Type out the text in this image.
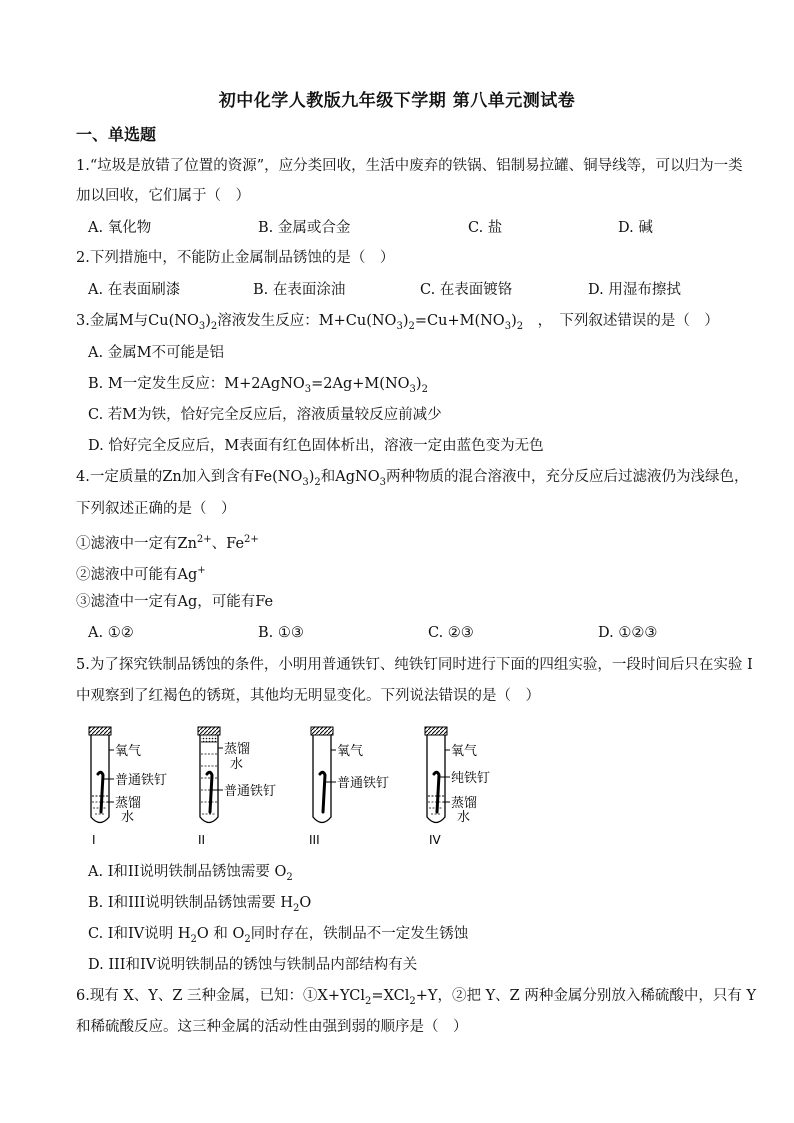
初中化学人教版九年级下学期 第八单元测试卷
一、单选题
1.“垃圾是放错了位置的资源”，应分类回收，生活中废弃的铁锅、铝制易拉罐、铜导线等，可以归为一类
加以回收，它们属于（　）
A. 氧化物	B. 金属或合金	C. 盐	D. 碱
2.下列措施中，不能防止金属制品锈蚀的是（　）
A. 在表面刷漆	B. 在表面涂油	C. 在表面镀铬	D. 用湿布擦拭
3.金属M与$Cu(NO_3)_2$溶液发生反应：$M+Cu(NO_3)_2=Cu+M(NO_3)_2$　，　下列叙述错误的是（　）
A. 金属M不可能是铝
B. M一定发生反应：$M+2AgNO_3=2Ag+M(NO_3)_2$
C. 若M为铁，恰好完全反应后，溶液质量较反应前减少
D. 恰好完全反应后，M表面有红色固体析出，溶液一定由蓝色变为无色
4.一定质量的Zn加入到含有$Fe(NO_3)_2$和AgNO$_3$两种物质的混合溶液中，充分反应后过滤液仍为浅绿色，
下列叙述正确的是（　）
①滤液中一定有$Zn^{2+}$、$Fe^{2+}$
②滤液中可能有Ag+
③滤渣中一定有Ag，可能有Fe
A. ①②	B. ①③	C. ②③	D. ①②③
5.为了探究铁制品锈蚀的条件，小明用普通铁钉、纯铁钉同时进行下面的四组实验，一段时间后只在实验 I
中观察到了红褐色的锈斑，其他均无明显变化。下列说法错误的是（　）
氧气
普通铁钉
蒸馏
水
I
蒸馏
水
普通铁钉
II
氧气
普通铁钉
III
氧气
纯铁钉
蒸馏
水
IV
A. I和II说明铁制品锈蚀需要 $O_2$
B. I和III说明铁制品锈蚀需要 $H_2O$
C. I和IV说明 $H_2O$ 和 $O_2$同时存在，铁制品不一定发生锈蚀
D. III和IV说明铁制品的锈蚀与铁制品内部结构有关
6.现有 X、Y、Z 三种金属，已知：①X+YCl$_2$=XCl$_2$+Y，②把 Y、Z 两种金属分别放入稀硫酸中，只有 Y
和稀硫酸反应。这三种金属的活动性由强到弱的顺序是（　）
